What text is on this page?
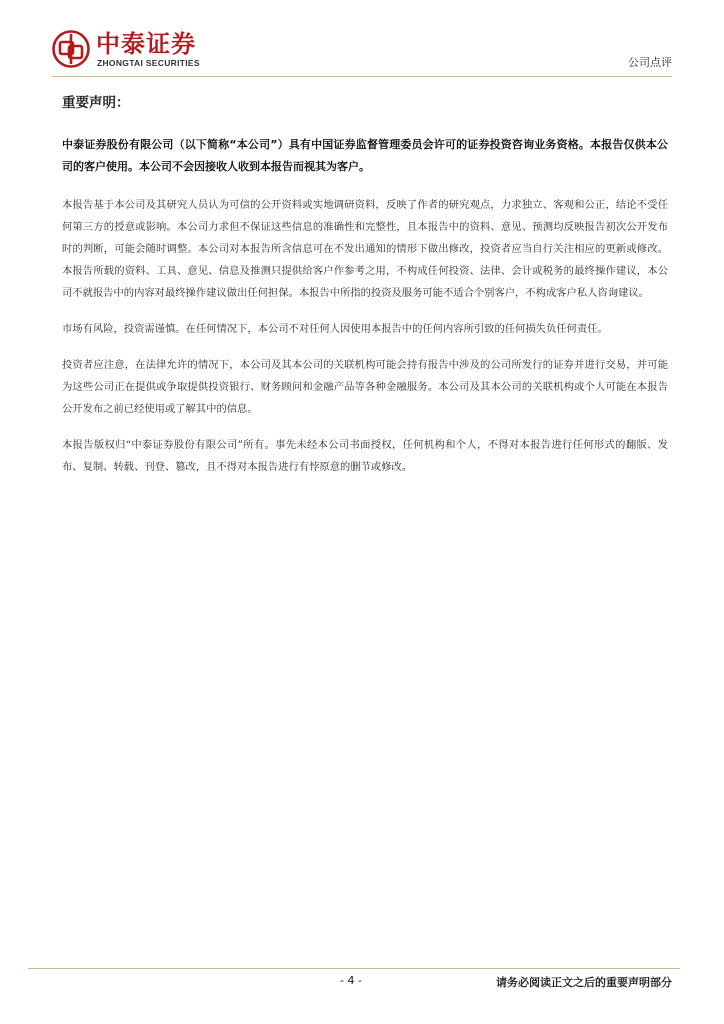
中泰证券
ZHONGTAI SECURITIES	公司点评
重要声明：

中泰证券股份有限公司（以下简称“本公司”）具有中国证券监督管理委员会许可的证券投资咨询业务资格。本报告仅供本公司的客户使用。本公司不会因接收人收到本报告而视其为客户。

本报告基于本公司及其研究人员认为可信的公开资料或实地调研资料，反映了作者的研究观点，力求独立、客观和公正，结论不受任何第三方的授意或影响。本公司力求但不保证这些信息的准确性和完整性，且本报告中的资料、意见、预测均反映报告初次公开发布时的判断，可能会随时调整。本公司对本报告所含信息可在不发出通知的情形下做出修改，投资者应当自行关注相应的更新或修改。本报告所载的资料、工具、意见、信息及推测只提供给客户作参考之用，不构成任何投资、法律、会计或税务的最终操作建议，本公司不就报告中的内容对最终操作建议做出任何担保。本报告中所指的投资及服务可能不适合个别客户，不构成客户私人咨询建议。

市场有风险，投资需谨慎。在任何情况下，本公司不对任何人因使用本报告中的任何内容所引致的任何损失负任何责任。

投资者应注意，在法律允许的情况下，本公司及其本公司的关联机构可能会持有报告中涉及的公司所发行的证券并进行交易，并可能为这些公司正在提供或争取提供投资银行、财务顾问和金融产品等各种金融服务。本公司及其本公司的关联机构或个人可能在本报告公开发布之前已经使用或了解其中的信息。

本报告版权归“中泰证券股份有限公司”所有。事先未经本公司书面授权，任何机构和个人，不得对本报告进行任何形式的翻版、发布、复制、转载、刊登、篡改，且不得对本报告进行有悖原意的删节或修改。

- 4 -	请务必阅读正文之后的重要声明部分
